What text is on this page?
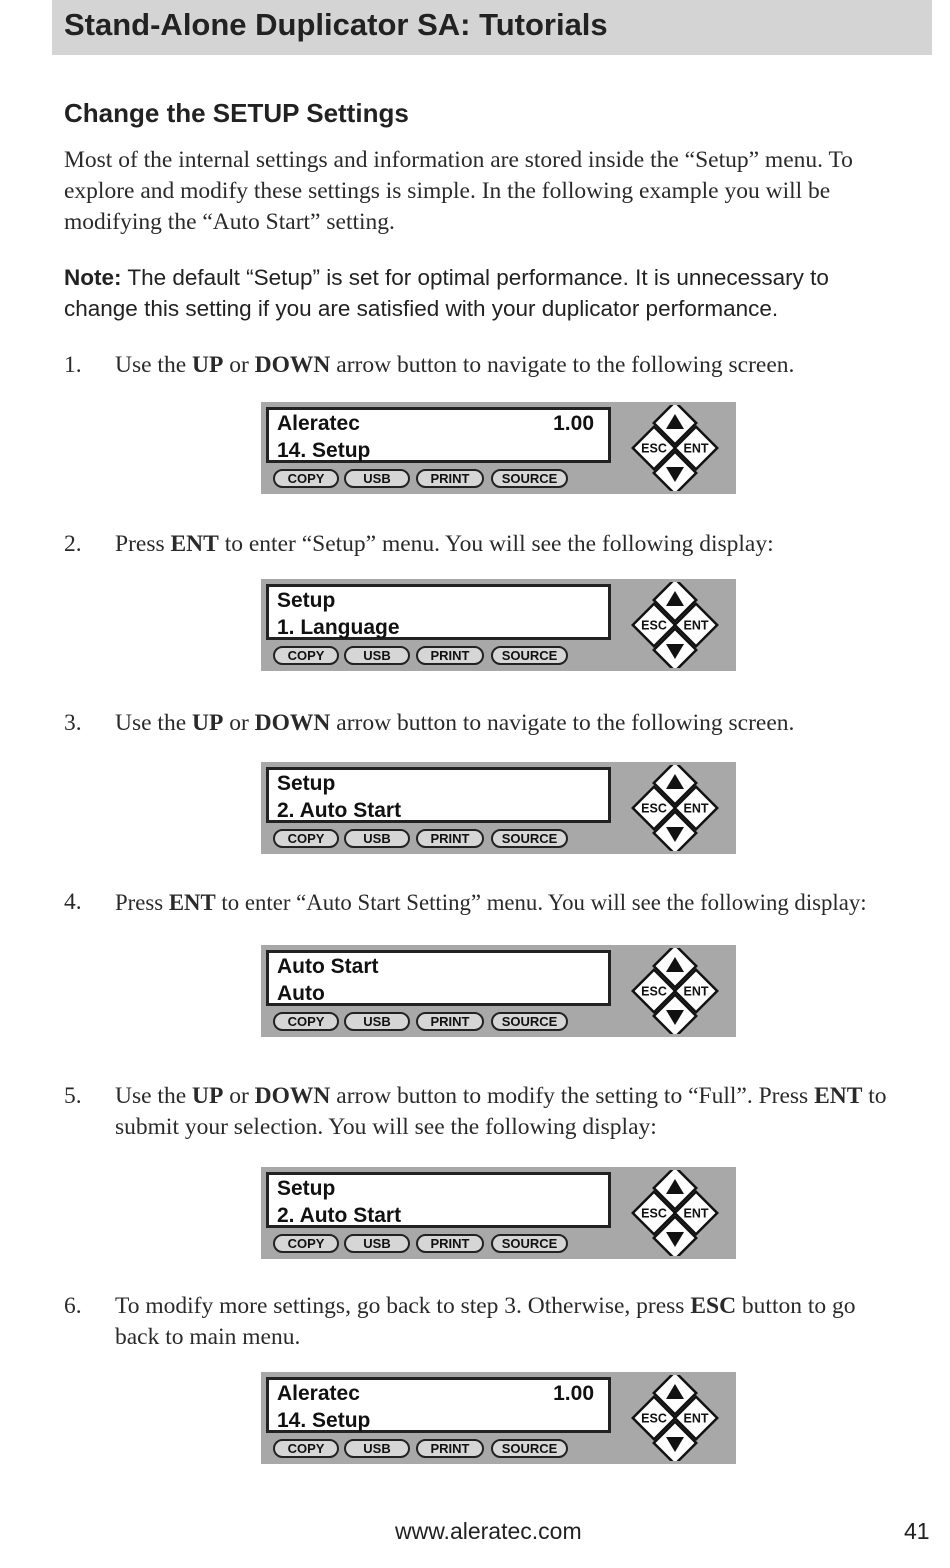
Stand-Alone Duplicator SA: Tutorials
Change the SETUP Settings
Most of the internal settings and information are stored inside the “Setup” menu. To
explore and modify these settings is simple. In the following example you will be
modifying the “Auto Start” setting.
Note: The default “Setup” is set for optimal performance. It is unnecessary to
change this setting if you are satisfied with your duplicator performance.
1. Use the UP or DOWN arrow button to navigate to the following screen.
2. Press ENT to enter “Setup” menu. You will see the following display:
3. Use the UP or DOWN arrow button to navigate to the following screen.
4. Press ENT to enter “Auto Start Setting” menu. You will see the following display:
5. Use the UP or DOWN arrow button to modify the setting to “Full”. Press ENT to
submit your selection. You will see the following display:
6. To modify more settings, go back to step 3. Otherwise, press ESC button to go
back to main menu.
Aleratec	1.00
14. Setup
COPY	USB	PRINT	SOURCE
ESC ENT
Setup
1. Language
COPY	USB	PRINT	SOURCE
ESC ENT
Setup
2. Auto Start
COPY	USB	PRINT	SOURCE
ESC ENT
Auto Start
Auto
COPY	USB	PRINT	SOURCE
ESC ENT
Setup
2. Auto Start
COPY	USB	PRINT	SOURCE
ESC ENT
Aleratec	1.00
14. Setup
COPY	USB	PRINT	SOURCE
ESC ENT
www.aleratec.com	41
